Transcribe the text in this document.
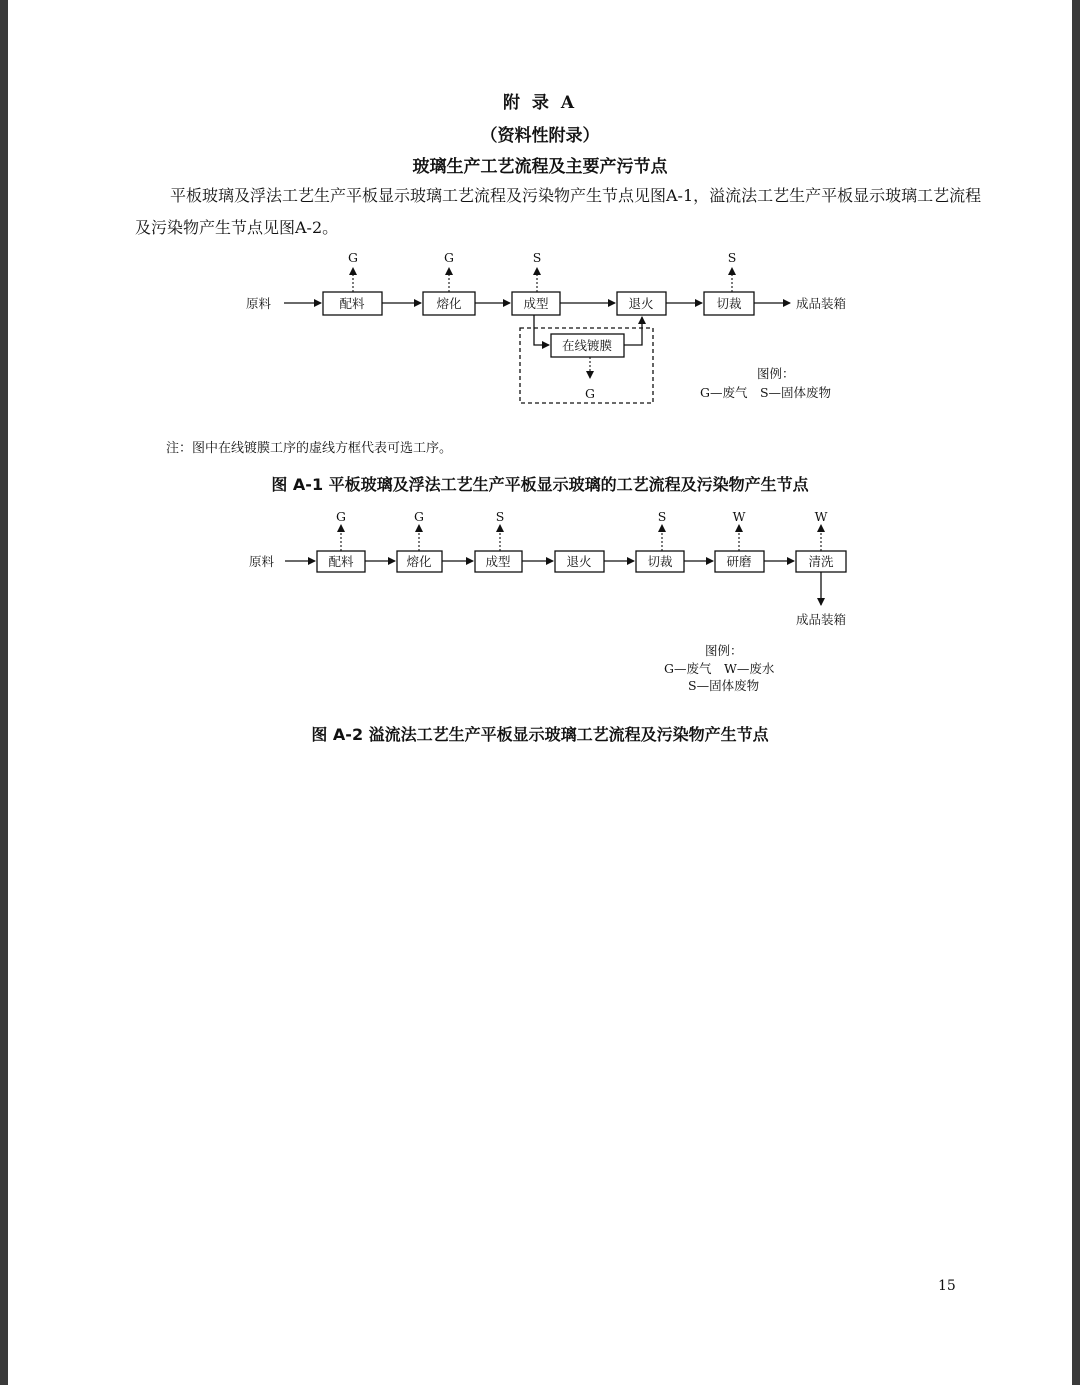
附 录 A
（资料性附录）
玻璃生产工艺流程及主要产污节点
平板玻璃及浮法工艺生产平板显示玻璃工艺流程及污染物产生节点见图A-1，溢流法工艺生产平板显示玻璃工艺流程及污染物产生节点见图A-2。
原料	配料	熔化	成型	退火	切裁	成品装箱
在线镀膜
G	G	S	S
G
图例：
G—废气　S—固体废物
注：图中在线镀膜工序的虚线方框代表可选工序。
图 A-1 平板玻璃及浮法工艺生产平板显示玻璃的工艺流程及污染物产生节点
原料	配料	熔化	成型	退火	切裁	研磨	清洗
成品装箱
G	G	S	S	W	W
图例：
G—废气　W—废水
S—固体废物
图 A-2 溢流法工艺生产平板显示玻璃工艺流程及污染物产生节点
15
